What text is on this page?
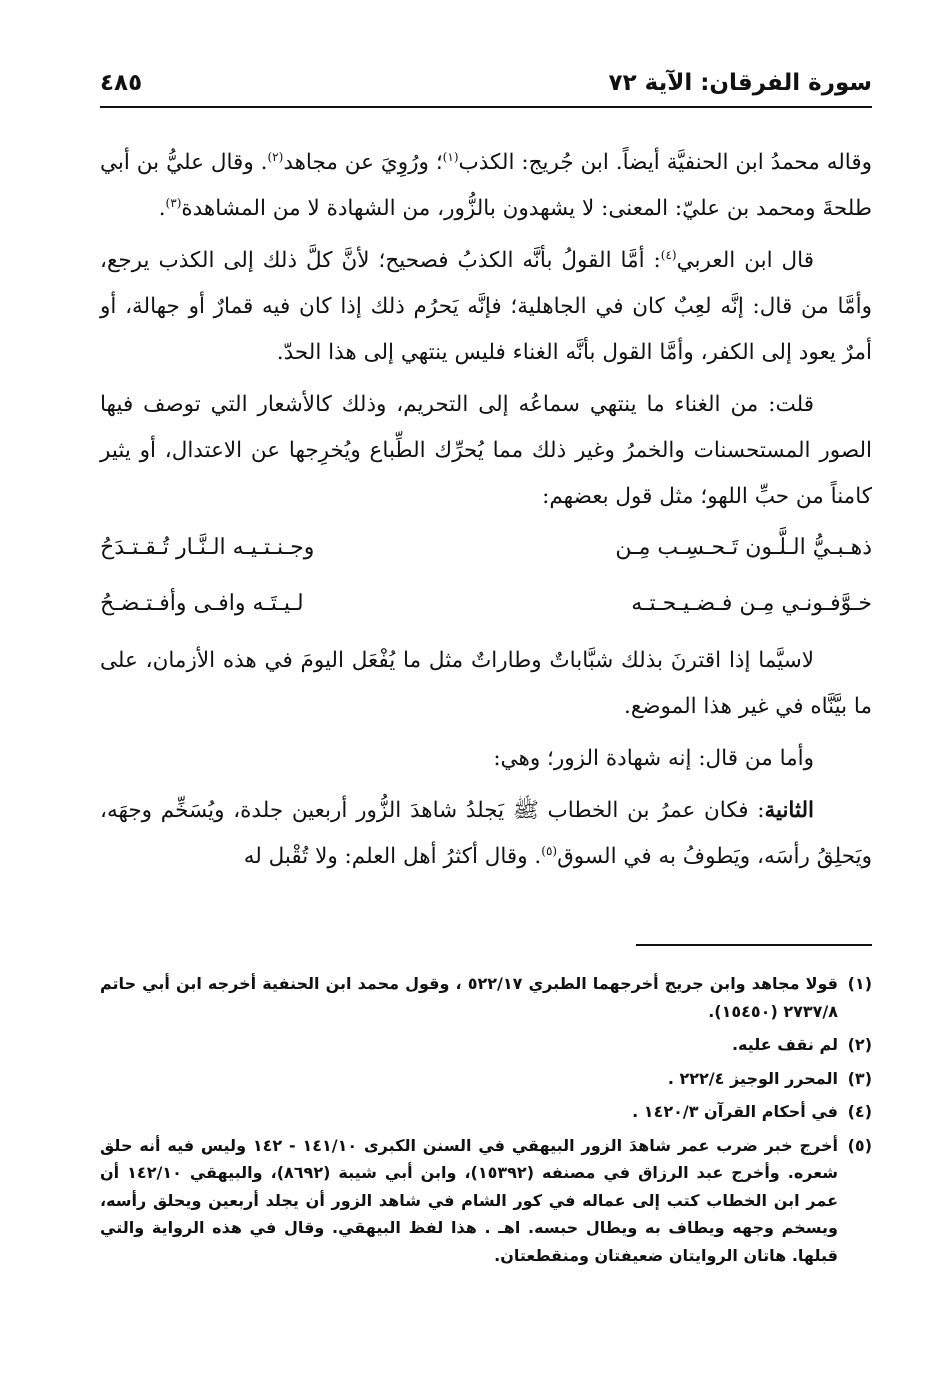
سورة الفرقان: الآية ٧٢
٤٨٥

وقاله محمدُ ابن الحنفيَّة أيضاً. ابن جُريج: الكذب$^{(١)}$؛ ورُوِيَ عن مجاهد$^{(٢)}$. وقال عليُّ بن أبي طلحةَ ومحمد بن عليّ: المعنى: لا يشهدون بالزُّور، من الشهادة لا من المشاهدة$^{(٣)}$.

قال ابن العربي$^{(٤)}$: أمَّا القولُ بأنَّه الكذبُ فصحيح؛ لأنَّ كلَّ ذلك إلى الكذب يرجع، وأمَّا من قال: إنَّه لعِبٌ كان في الجاهلية؛ فإنَّه يَحرُم ذلك إذا كان فيه قمارٌ أو جهالة، أو أمرٌ يعود إلى الكفر، وأمَّا القول بأنَّه الغناء فليس ينتهي إلى هذا الحدّ.

قلت: من الغناء ما ينتهي سماعُه إلى التحريم، وذلك كالأشعار التي توصف فيها الصور المستحسنات والخمرُ وغير ذلك مما يُحرِّك الطِّباع ويُخرِجها عن الاعتدال، أو يثير كامناً من حبِّ اللهو؛ مثل قول بعضهم:

ذهـبـيُّ الـلَّـون تَـحـسِـب مِـن
وجـنـتـيـه الـنَّـار تُـقـتـدَحُ
خـوَّفـونـي مِـن فـضـيـحـتـه
لـيـتَـه وافـى وأفـتـضـحُ

لاسيَّما إذا اقترنَ بذلك شبَّاباتٌ وطاراتٌ مثل ما يُفْعَل اليومَ في هذه الأزمان، على ما بيَّنَّاه في غير هذا الموضع.

وأما من قال: إنه شهادة الزور؛ وهي:

الثانية: فكان عمرُ بن الخطاب ﷺ يَجلدُ شاهدَ الزُّور أربعين جلدة، ويُسَخِّم وجهَه، ويَحلِقُ رأسَه، ويَطوفُ به في السوق$^{(٥)}$. وقال أكثرُ أهل العلم: ولا تُقْبل له

(١)
قولا مجاهد وابن جريج أخرجهما الطبري ٥٢٢/١٧ ، وقول محمد ابن الحنفية أخرجه ابن أبي حاتم ٢٧٣٧/٨ (١٥٤٥٠).

(٢)
لم نقف عليه.

(٣)
المحرر الوجيز ٢٢٢/٤ .

(٤)
في أحكام القرآن ١٤٢٠/٣ .

(٥)
أخرج خبر ضرب عمر شاهدَ الزور البيهقي في السنن الكبرى ١٤١/١٠ - ١٤٢ وليس فيه أنه حلق شعره. وأخرج عبد الرزاق في مصنفه (١٥٣٩٢)، وابن أبي شيبة (٨٦٩٢)، والبيهقي ١٤٢/١٠ أن عمر ابن الخطاب كتب إلى عماله في كور الشام في شاهد الزور أن يجلد أربعين ويحلق رأسه، ويسخم وجهه ويطاف به ويطال حبسه. اهـ . هذا لفظ البيهقي. وقال في هذه الرواية والتي قبلها. هاتان الروايتان ضعيفتان ومنقطعتان.
